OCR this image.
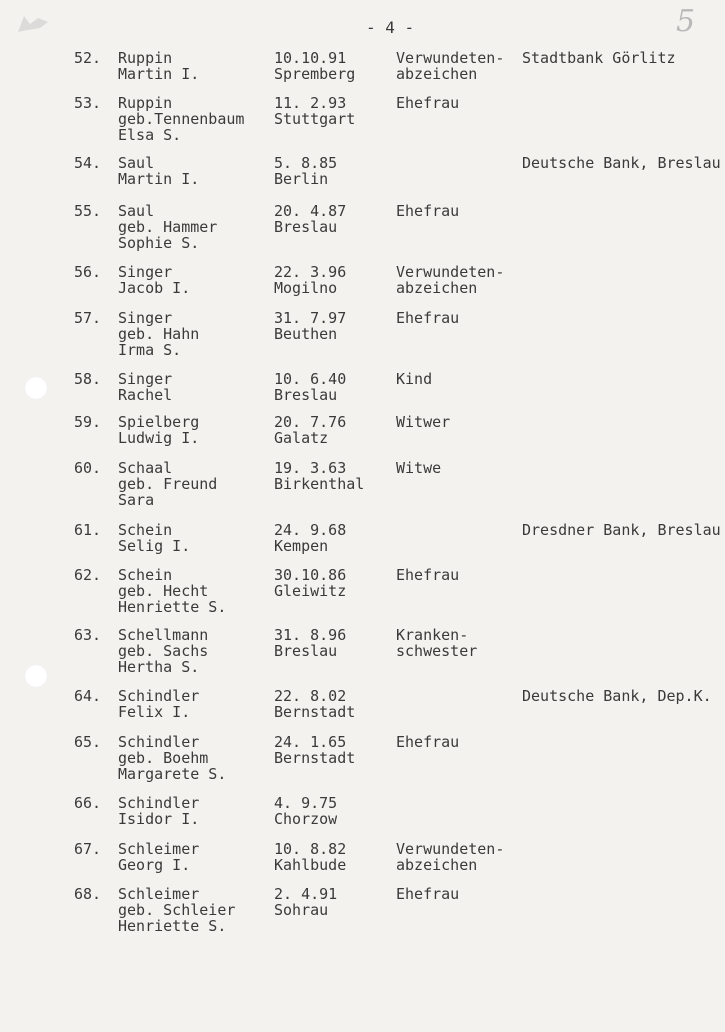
- 4 -	5
52. Ruppin
Martin I.
10.10.91
Spremberg
Verwundeten-
abzeichen
Stadtbank Görlitz
53. Ruppin
geb.Tennenbaum
Elsa S.
11. 2.93
Stuttgart
Ehefrau
54. Saul
Martin I.
5. 8.85
Berlin
Deutsche Bank, Breslau
55. Saul
geb. Hammer
Sophie S.
20. 4.87
Breslau
Ehefrau
56. Singer
Jacob I.
22. 3.96
Mogilno
Verwundeten-
abzeichen
57. Singer
geb. Hahn
Irma S.
31. 7.97
Beuthen
Ehefrau
58. Singer
Rachel
10. 6.40
Breslau
Kind
59. Spielberg
Ludwig I.
20. 7.76
Galatz
Witwer
60. Schaal
geb. Freund
Sara
19. 3.63
Birkenthal
Witwe
61. Schein
Selig I.
24. 9.68
Kempen
Dresdner Bank, Breslau
62. Schein
geb. Hecht
Henriette S.
30.10.86
Gleiwitz
Ehefrau
63. Schellmann
geb. Sachs
Hertha S.
31. 8.96
Breslau
Kranken-
schwester
64. Schindler
Felix I.
22. 8.02
Bernstadt
Deutsche Bank, Dep.K.
65. Schindler
geb. Boehm
Margarete S.
24. 1.65
Bernstadt
Ehefrau
66. Schindler
Isidor I.
4. 9.75
Chorzow
67. Schleimer
Georg I.
10. 8.82
Kahlbude
Verwundeten-
abzeichen
68. Schleimer
geb. Schleier
Henriette S.
2. 4.91
Sohrau
Ehefrau
